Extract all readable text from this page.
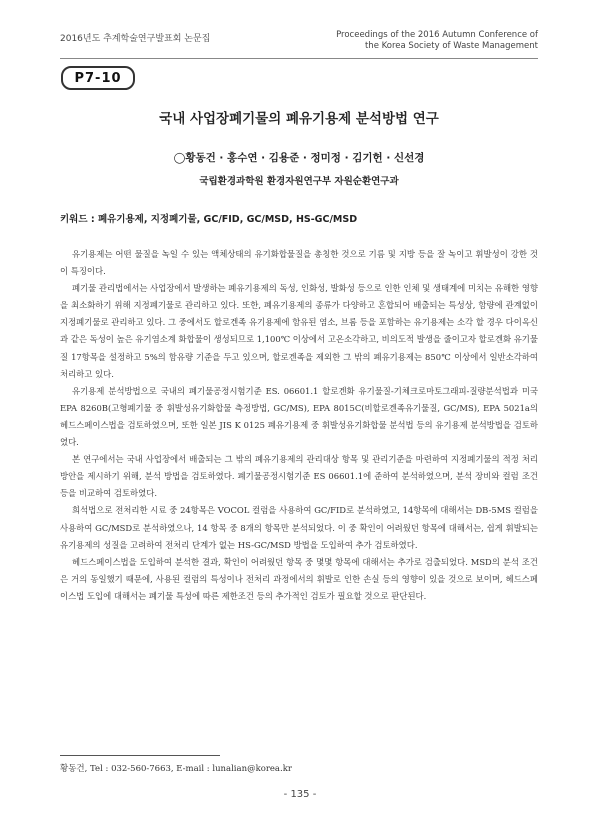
2016년도 추계학술연구발표회 논문집	Proceedings of the 2016 Autumn Conference of
the Korea Society of Waste Management
P7-10
국내 사업장폐기물의 폐유기용제 분석방법 연구
◯황동건 · 홍수연 · 김용준 · 정미정 · 김기헌 · 신선경
국립환경과학원 환경자원연구부 자원순환연구과
키워드 : 폐유기용제, 지정폐기물, GC/FID, GC/MSD, HS-GC/MSD

유기용제는 어떤 물질을 녹일 수 있는 액체상태의 유기화합물질을 총칭한 것으로 기름 및 지방 등을 잘 녹이고 휘발성이 강한 것이 특징이다.

폐기물 관리법에서는 사업장에서 발생하는 폐유기용제의 독성, 인화성, 발화성 등으로 인한 인체 및 생태계에 미치는 유해한 영향을 최소화하기 위해 지정폐기물로 관리하고 있다. 또한, 폐유기용제의 종류가 다양하고 혼합되어 배출되는 특성상, 함량에 관계없이 지정폐기물로 관리하고 있다. 그 중에서도 할로겐족 유기용제에 함유된 염소, 브롬 등을 포함하는 유기용제는 소각 할 경우 다이옥신과 같은 독성이 높은 유기염소계 화합물이 생성되므로 1,100℃ 이상에서 고온소각하고, 비의도적 발생을 줄이고자 할로겐화 유기물질 17항목을 설정하고 5%의 함유량 기준을 두고 있으며, 할로겐족을 제외한 그 밖의 폐유기용제는 850℃ 이상에서 일반소각하여 처리하고 있다.

유기용제 분석방법으로 국내의 폐기물공정시험기준 ES. 06601.1 할로겐화 유기물질-기체크로마토그래피-질량분석법과 미국 EPA 8260B(고형폐기물 중 휘발성유기화합물 측정방법, GC/MS), EPA 8015C(비할로겐족유기물질, GC/MS), EPA 5021a의 헤드스페이스법을 검토하였으며, 또한 일본 JIS K 0125 폐유기용제 중 휘발성유기화합물 분석법 등의 유기용제 분석방법을 검토하였다.

본 연구에서는 국내 사업장에서 배출되는 그 밖의 폐유기용제의 관리대상 항목 및 관리기준을 마련하여 지정폐기물의 적정 처리 방안을 제시하기 위해, 분석 방법을 검토하였다. 폐기물공정시험기준 ES 06601.1에 준하여 분석하였으며, 분석 장비와 컬럼 조건 등을 비교하여 검토하였다.

희석법으로 전처리한 시료 중 24항목은 VOCOL 컬럼을 사용하여 GC/FID로 분석하였고, 14항목에 대해서는 DB-5MS 컬럼을 사용하여 GC/MSD로 분석하였으나, 14 항목 중 8개의 항목만 분석되었다. 이 중 확인이 어려웠던 항목에 대해서는, 쉽게 휘발되는 유기용제의 성질을 고려하여 전처리 단계가 없는 HS-GC/MSD 방법을 도입하여 추가 검토하였다.

헤드스페이스법을 도입하여 분석한 결과, 확인이 어려웠던 항목 중 몇몇 항목에 대해서는 추가로 검출되었다. MSD의 분석 조건은 거의 동일했기 때문에, 사용된 컬럼의 특성이나 전처리 과정에서의 휘발로 인한 손실 등의 영향이 있을 것으로 보이며, 헤드스페이스법 도입에 대해서는 폐기물 특성에 따른 제한조건 등의 추가적인 검토가 필요할 것으로 판단된다.

황동건, Tel : 032-560-7663, E-mail : lunalian@korea.kr
- 135 -
